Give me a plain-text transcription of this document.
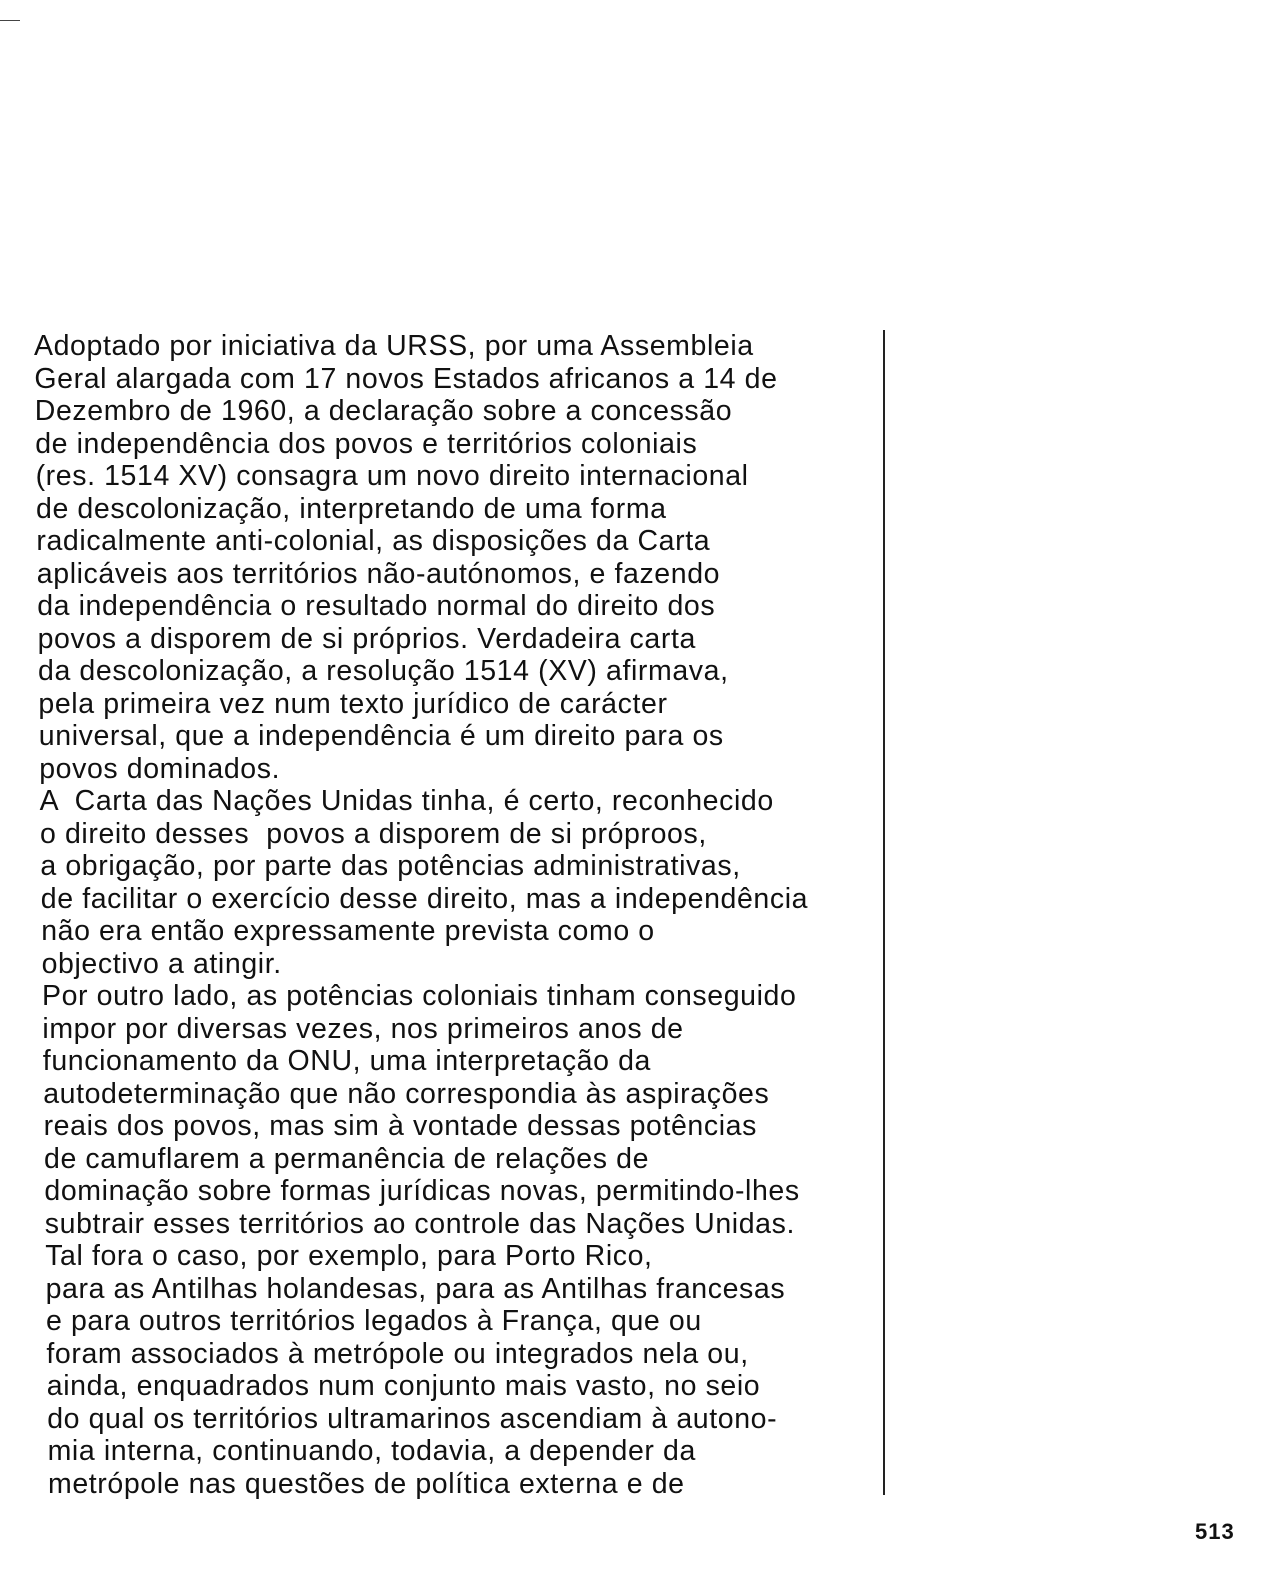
Adoptado por iniciativa da URSS, por uma Assembleia
Geral alargada com 17 novos Estados africanos a 14 de
Dezembro de 1960, a declaração sobre a concessão
de independência dos povos e territórios coloniais
(res. 1514 XV) consagra um novo direito internacional
de descolonização, interpretando de uma forma
radicalmente anti-colonial, as disposições da Carta
aplicáveis aos territórios não-autónomos, e fazendo
da independência o resultado normal do direito dos
povos a disporem de si próprios. Verdadeira carta
da descolonização, a resolução 1514 (XV) afirmava,
pela primeira vez num texto jurídico de carácter
universal, que a independência é um direito para os
povos dominados.
A  Carta das Nações Unidas tinha, é certo, reconhecido
o direito desses  povos a disporem de si próproos,
a obrigação, por parte das potências administrativas,
de facilitar o exercício desse direito, mas a independência
não era então expressamente prevista como o
objectivo a atingir.
Por outro lado, as potências coloniais tinham conseguido
impor por diversas vezes, nos primeiros anos de
funcionamento da ONU, uma interpretação da
autodeterminação que não correspondia às aspirações
reais dos povos, mas sim à vontade dessas potências
de camuflarem a permanência de relações de
dominação sobre formas jurídicas novas, permitindo-lhes
subtrair esses territórios ao controle das Nações Unidas.
Tal fora o caso, por exemplo, para Porto Rico,
para as Antilhas holandesas, para as Antilhas francesas
e para outros territórios legados à França, que ou
foram associados à metrópole ou integrados nela ou,
ainda, enquadrados num conjunto mais vasto, no seio
do qual os territórios ultramarinos ascendiam à autono-
mia interna, continuando, todavia, a depender da
metrópole nas questões de política externa e de
513
